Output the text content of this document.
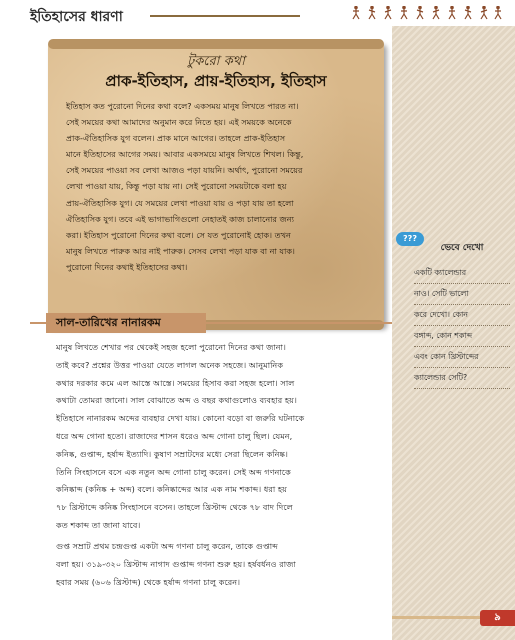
ইতিহাসের ধারণা
টুকরো কথা
প্রাক-ইতিহাস, প্রায়-ইতিহাস, ইতিহাস
ইতিহাস কত পুরোনো দিনের কথা বলে? একসময় মানুষ লিখতে পারত না।
সেই সময়ের কথা আমাদের অনুমান করে নিতে হয়। এই সময়কে অনেকে
প্রাক-ঐতিহাসিক যুগ বলেন। প্রাক মানে আগের। তাহলে প্রাক-ইতিহাস
মানে ইতিহাসের আগের সময়। আবার একসময়ে মানুষ লিখতে শিখল। কিন্তু,
সেই সময়ের পাওয়া সব লেখা আজও পড়া যায়নি। অর্থাৎ, পুরোনো সময়ের
লেখা পাওয়া যায়, কিন্তু পড়া যায় না। সেই পুরোনো সময়টাকে বলা হয়
প্রায়-ঐতিহাসিক যুগ। যে সময়ের লেখা পাওয়া যায় ও পড়া যায় তা হলো
ঐতিহাসিক যুগ। তবে এই ভাগাভাগিগুলো নেহাতই কাজ চালানোর জন্য
করা। ইতিহাস পুরোনো দিনের কথা বলে। সে যত পুরোনোই হোক। তখন
মানুষ লিখতে পারুক আর নাই পারুক। সেসব লেখা পড়া যাক বা না যাক।
পুরোনো দিনের কথাই ইতিহাসের কথা।
???
ভেবে দেখো
একটি ক্যালেন্ডার
নাও। সেটি ভালো
করে দেখো। কোন
বঙ্গাব্দ, কোন শকাব্দ
এবং কোন খ্রিস্টাব্দের
ক্যালেন্ডার সেটি?
সাল-তারিখের নানারকম
মানুষ লিখতে শেখার পর থেকেই সহজ হলো পুরোনো দিনের কথা জানা।
তাই কবে? প্রশ্নের উত্তর পাওয়া যেতে লাগল অনেক সহজে। আনুমানিক
কথার দরকার কমে এল আস্তে আস্তে। সময়ের হিসাব করা সহজ হলো। সাল
কথাটা তোমরা জানো। সাল বোঝাতে অব্দ ও বছর কথাগুলোও ব্যবহার হয়।
ইতিহাসে নানারকম অব্দের ব্যবহার দেখা যায়। কোনো বড়ো বা জরুরি ঘটনাকে
ধরে অব্দ গোনা হতো। রাজাদের শাসন ধরেও অব্দ গোনা চালু ছিল। যেমন,
কনিষ্ক, গুপ্তাব্দ, হর্ষাব্দ ইত্যাদি। কুষাণ সম্রাটদের মধ্যে সেরা ছিলেন কনিষ্ক।
তিনি সিংহাসনে বসে এক নতুন অব্দ গোনা চালু করেন। সেই অব্দ গণনাকে
কনিষ্কাব্দ (কনিষ্ক + অব্দ) বলে। কনিষ্কাব্দের আর এক নাম শকাব্দ। ধরা হয়
৭৮ খ্রিস্টাব্দে কনিষ্ক সিংহাসনে বসেন। তাহলে খ্রিস্টাব্দ থেকে ৭৮ বাদ দিলে
কত শকাব্দ তা জানা যাবে।
গুপ্ত সম্রাট প্রথম চন্দ্রগুপ্ত একটা অব্দ গণনা চালু করেন, তাকে গুপ্তাব্দ
বলা হয়। ৩১৯-৩২০ খ্রিস্টাব্দ নাগাদ গুপ্তাব্দ গণনা শুরু হয়। হর্ষবর্ধনও রাজা
হবার সময় (৬০৬ খ্রিস্টাব্দ) থেকে হর্ষাব্দ গণনা চালু করেন।
৯
